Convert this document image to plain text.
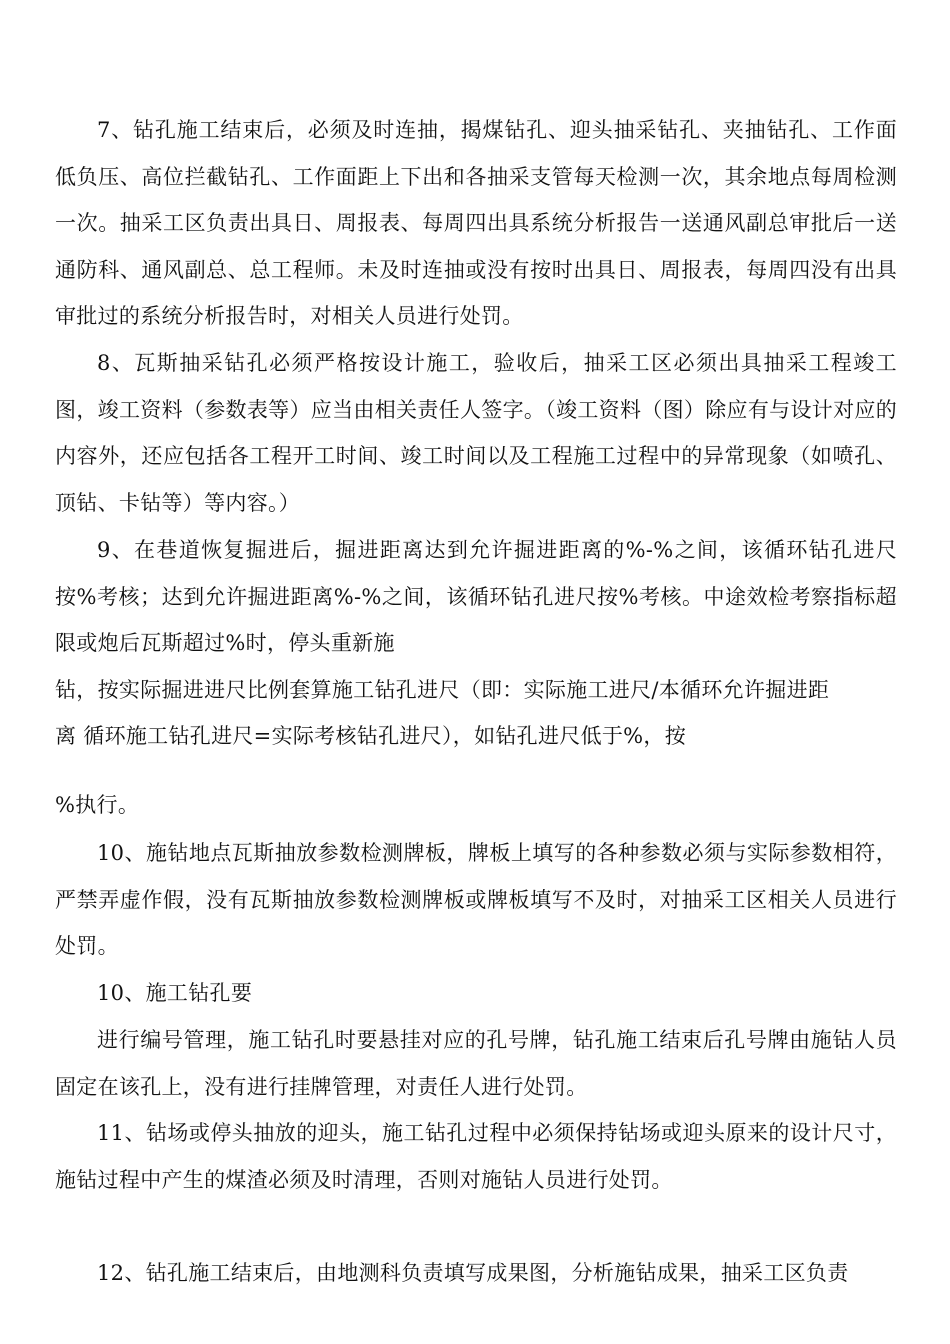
7、钻孔施工结束后，必须及时连抽，揭煤钻孔、迎头抽采钻孔、夹抽钻孔、工作面低负压、高位拦截钻孔、工作面距上下出和各抽采支管每天检测一次，其余地点每周检测一次。抽采工区负责出具日、周报表、每周四出具系统分析报告一送通风副总审批后一送通防科、通风副总、总工程师。未及时连抽或没有按时出具日、周报表，每周四没有出具审批过的系统分析报告时，对相关人员进行处罚。

8、瓦斯抽采钻孔必须严格按设计施工，验收后，抽采工区必须出具抽采工程竣工图，竣工资料（参数表等）应当由相关责任人签字。（竣工资料（图）除应有与设计对应的内容外，还应包括各工程开工时间、竣工时间以及工程施工过程中的异常现象（如喷孔、顶钻、卡钻等）等内容。）

9、在巷道恢复掘进后，掘进距离达到允许掘进距离的%-%之间，该循环钻孔进尺按%考核；达到允许掘进距离%-%之间，该循环钻孔进尺按%考核。中途效检考察指标超限或炮后瓦斯超过%时，停头重新施

钻，按实际掘进进尺比例套算施工钻孔进尺（即：实际施工进尺/本循环允许掘进距

离 循环施工钻孔进尺=实际考核钻孔进尺），如钻孔进尺低于%，按

%执行。

10、施钻地点瓦斯抽放参数检测牌板，牌板上填写的各种参数必须与实际参数相符，严禁弄虚作假，没有瓦斯抽放参数检测牌板或牌板填写不及时，对抽采工区相关人员进行处罚。

10、施工钻孔要

进行编号管理，施工钻孔时要悬挂对应的孔号牌，钻孔施工结束后孔号牌由施钻人员固定在该孔上，没有进行挂牌管理，对责任人进行处罚。

11、钻场或停头抽放的迎头，施工钻孔过程中必须保持钻场或迎头原来的设计尺寸，施钻过程中产生的煤渣必须及时清理，否则对施钻人员进行处罚。

12、钻孔施工结束后，由地测科负责填写成果图，分析施钻成果，抽采工区负责
